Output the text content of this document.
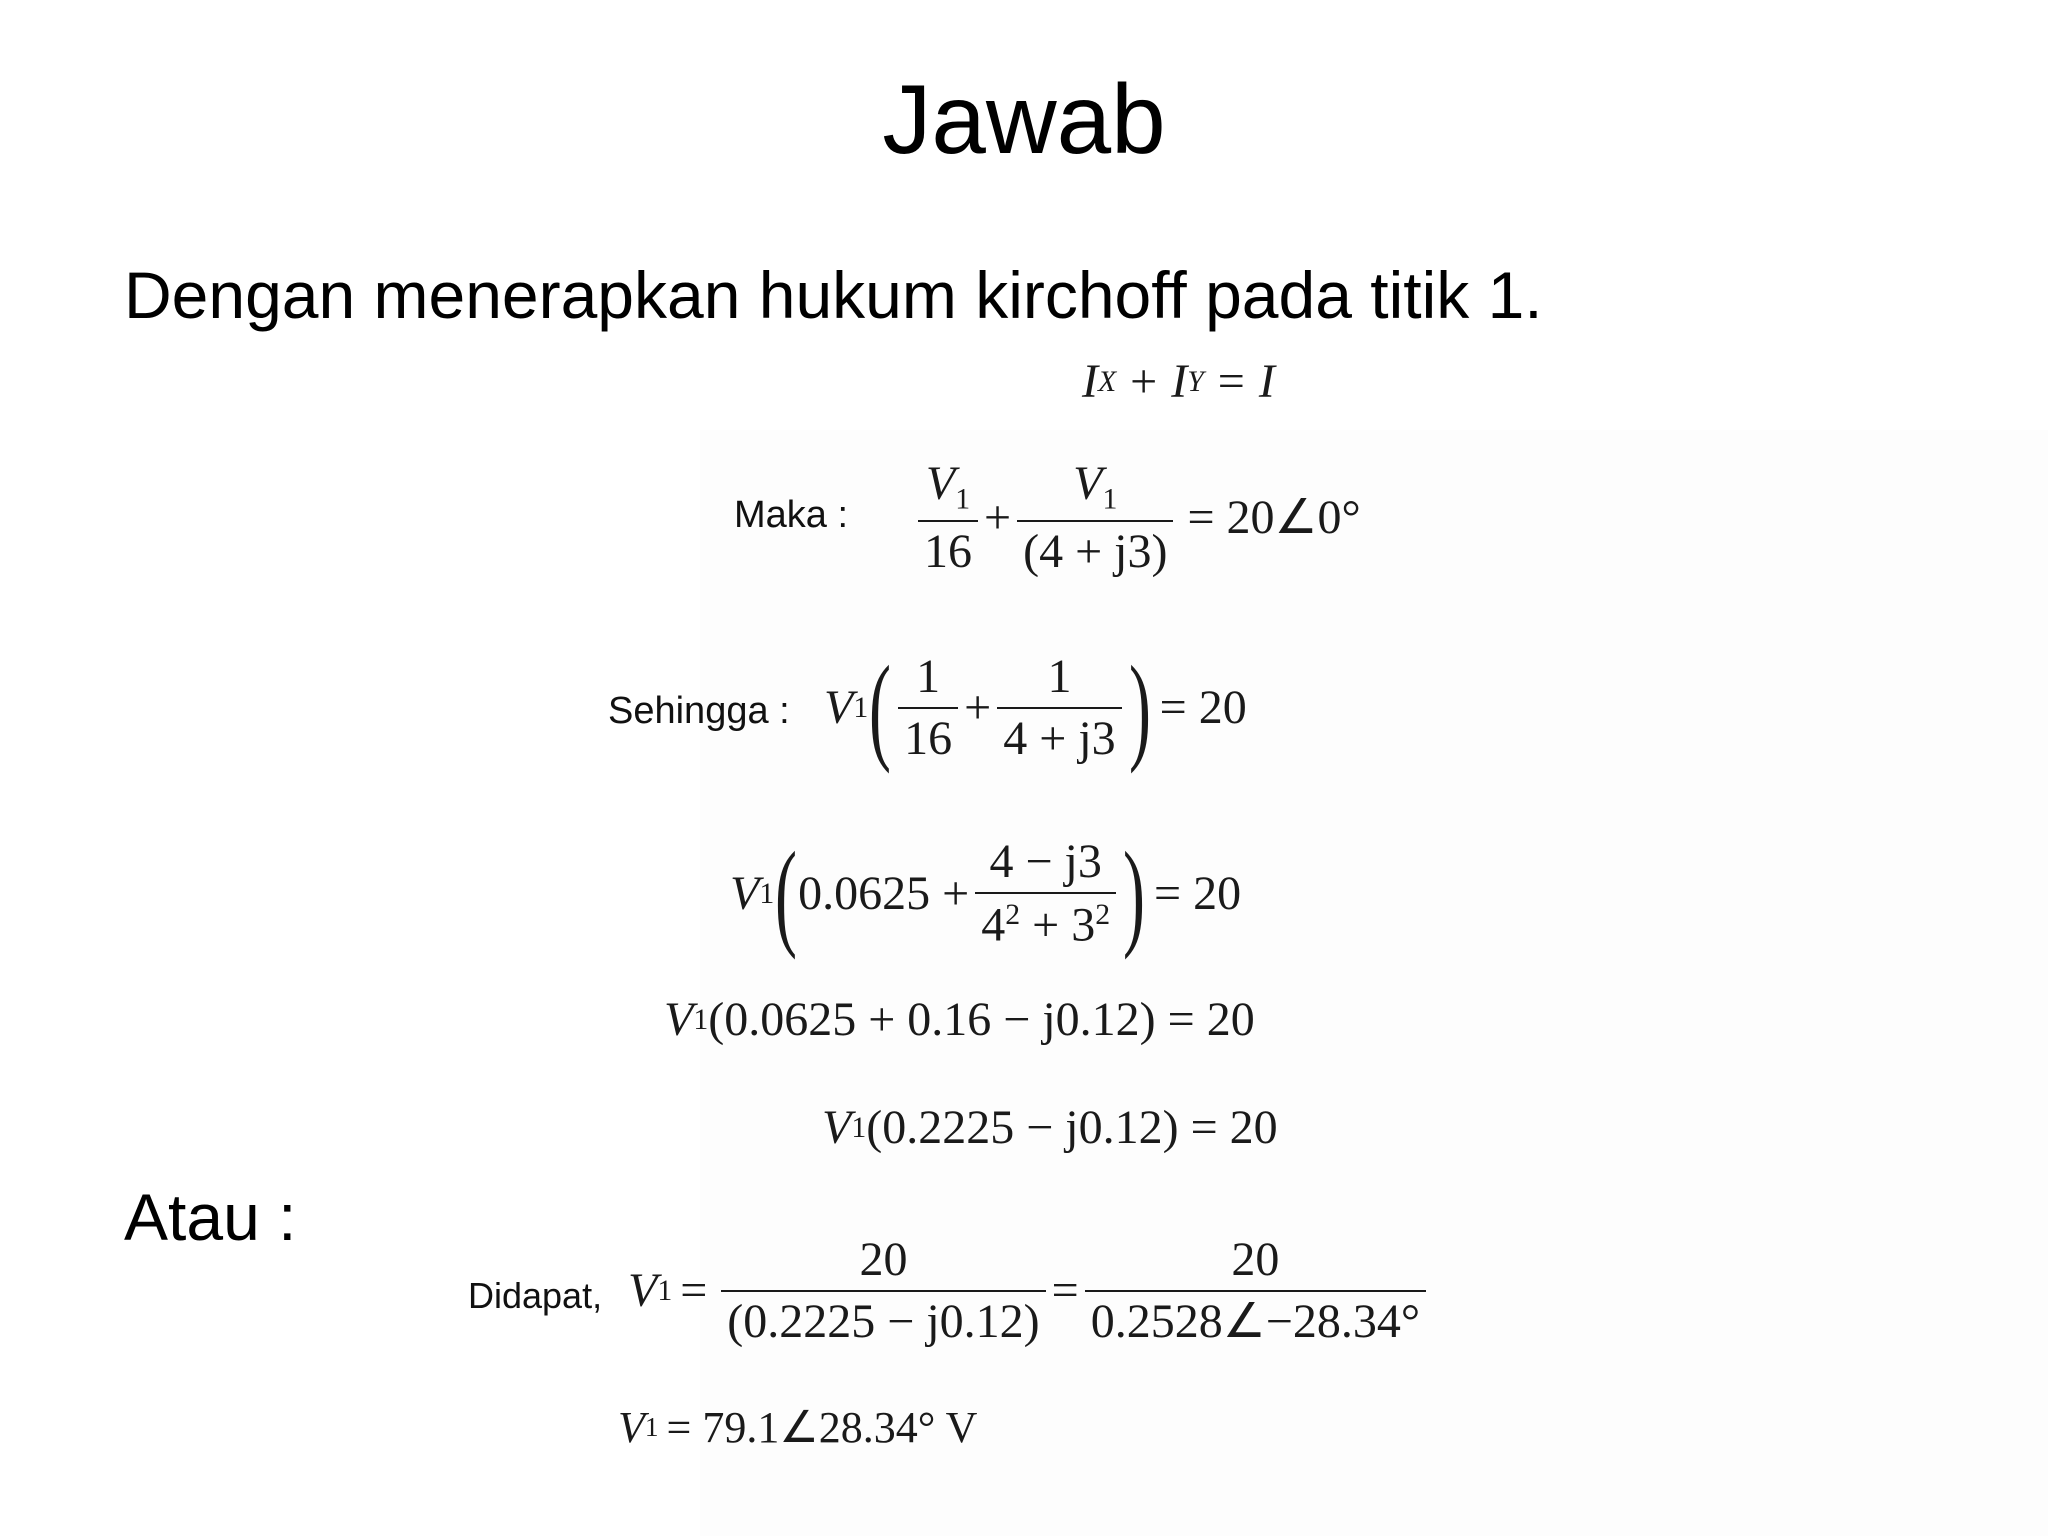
Jawab
Dengan menerapkan hukum kirchoff pada titik 1.
I X + I Y = I
Maka : $\frac{V_1}{16} + \frac{V_1}{(4 + j3)}$ = 20∠0°
Sehingga : V 1 ( $\frac{1}{16} + \frac{1}{4 + j3}$ ) = 20
V 1 ( $0.0625 + \frac{4 - j3}{4^2 + 3^2}$ ) = 20
V 1 (0.0625 + 0.16 − j0.12) = 20
V 1 (0.2225 − j0.12) = 20
Atau :
Didapat, V $1 = \frac{20}{(0.2225 - j0.12)} = \frac{20}{0.2528\angle-28.34^\circ}$
V 1 = 79.1∠28.34° V
